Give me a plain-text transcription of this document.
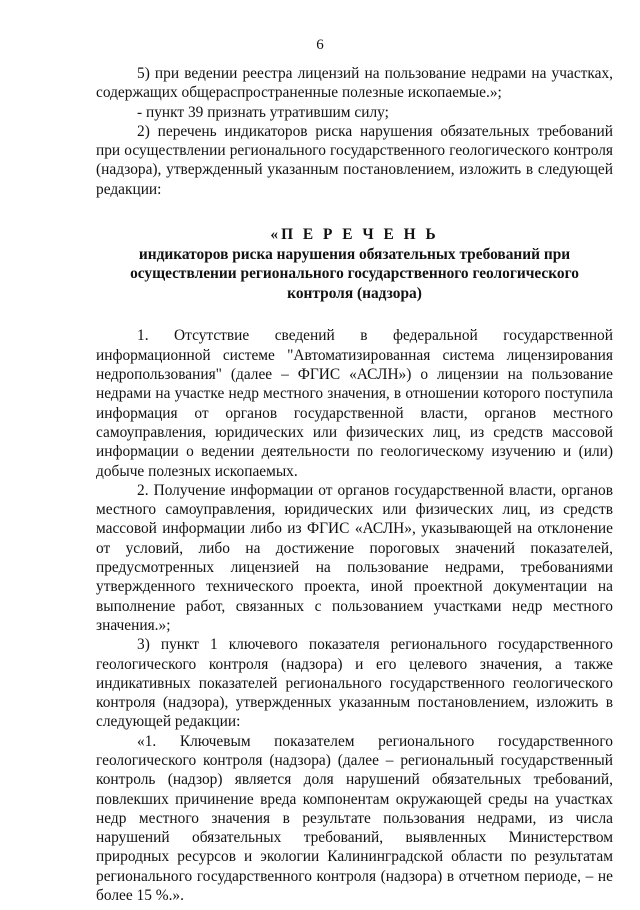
6

5) при ведении реестра лицензий на пользование недрами на участках, содержащих общераспространенные полезные ископаемые.»;

- пункт 39 признать утратившим силу;

2) перечень индикаторов риска нарушения обязательных требований при осуществлении регионального государственного геологического контроля (надзора), утвержденный указанным постановлением, изложить в следующей редакции:

«П Е Р Е Ч Е Н Ь
индикаторов риска нарушения обязательных требований при осуществлении регионального государственного геологического контроля (надзора)

1. Отсутствие сведений в федеральной государственной информационной системе "Автоматизированная система лицензирования недропользования" (далее – ФГИС «АСЛН») о лицензии на пользование недрами на участке недр местного значения, в отношении которого поступила информация от органов государственной власти, органов местного самоуправления, юридических или физических лиц, из средств массовой информации о ведении деятельности по геологическому изучению и (или) добыче полезных ископаемых.

2. Получение информации от органов государственной власти, органов местного самоуправления, юридических или физических лиц, из средств массовой информации либо из ФГИС «АСЛН», указывающей на отклонение от условий, либо на достижение пороговых значений показателей, предусмотренных лицензией на пользование недрами, требованиями утвержденного технического проекта, иной проектной документации на выполнение работ, связанных с пользованием участками недр местного значения.»;

3) пункт 1 ключевого показателя регионального государственного геологического контроля (надзора) и его целевого значения, а также индикативных показателей регионального государственного геологического контроля (надзора), утвержденных указанным постановлением, изложить в следующей редакции:

«1. Ключевым показателем регионального государственного геологического контроля (надзора) (далее – региональный государственный контроль (надзор) является доля нарушений обязательных требований, повлекших причинение вреда компонентам окружающей среды на участках недр местного значения в результате пользования недрами, из числа нарушений обязательных требований, выявленных Министерством природных ресурсов и экологии Калининградской области по результатам регионального государственного контроля (надзора) в отчетном периоде, – не более 15 %.».
